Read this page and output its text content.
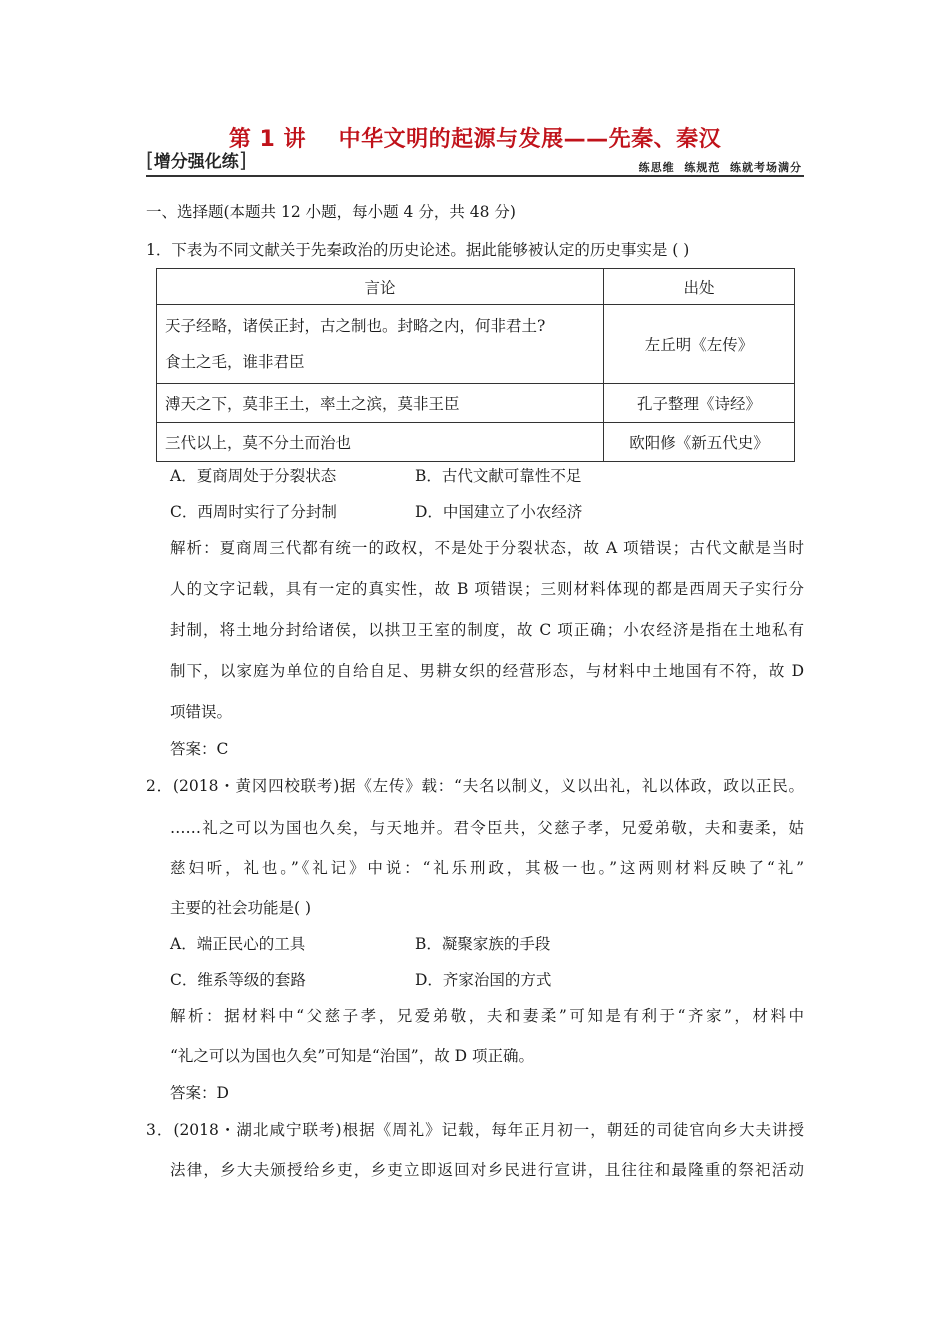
第 1 讲    中华文明的起源与发展——先秦、秦汉
[增分强化练]	练思维  练规范  练就考场满分
一、选择题(本题共 12 小题，每小题 4 分，共 48 分)
1．下表为不同文献关于先秦政治的历史论述。据此能够被认定的历史事实是 ( )
言论	出处

天子经略，诸侯正封，古之制也。封略之内，何非君土?
食土之毛，谁非君臣	左丘明《左传》
溥天之下，莫非王土，率土之滨，莫非王臣	孔子整理《诗经》
三代以上，莫不分土而治也	欧阳修《新五代史》
A．夏商周处于分裂状态	B．古代文献可靠性不足
C．西周时实行了分封制	D．中国建立了小农经济
解析：夏商周三代都有统一的政权，不是处于分裂状态，故 A 项错误；古代文献是当时
人的文字记载，具有一定的真实性，故 B 项错误；三则材料体现的都是西周天子实行分
封制，将土地分封给诸侯，以拱卫王室的制度，故 C 项正确；小农经济是指在土地私有
制下，以家庭为单位的自给自足、男耕女织的经营形态，与材料中土地国有不符，故 D
项错误。
答案：C
2．(2018・黄冈四校联考)据《左传》载：“夫名以制义，义以出礼，礼以体政，政以正民。
……礼之可以为国也久矣，与天地并。君令臣共，父慈子孝，兄爱弟敬，夫和妻柔，姑
慈妇听，礼也。”《礼记》中说：“礼乐刑政，其极一也。”这两则材料反映了“礼”
主要的社会功能是( )
A．端正民心的工具	B．凝聚家族的手段
C．维系等级的套路	D．齐家治国的方式
解析：据材料中“父慈子孝，兄爱弟敬，夫和妻柔”可知是有利于“齐家”，材料中
“礼之可以为国也久矣”可知是“治国”，故 D 项正确。
答案：D
3．(2018・湖北咸宁联考)根据《周礼》记载，每年正月初一，朝廷的司徒官向乡大夫讲授
法律，乡大夫颁授给乡吏，乡吏立即返回对乡民进行宣讲，且往往和最隆重的祭祀活动
